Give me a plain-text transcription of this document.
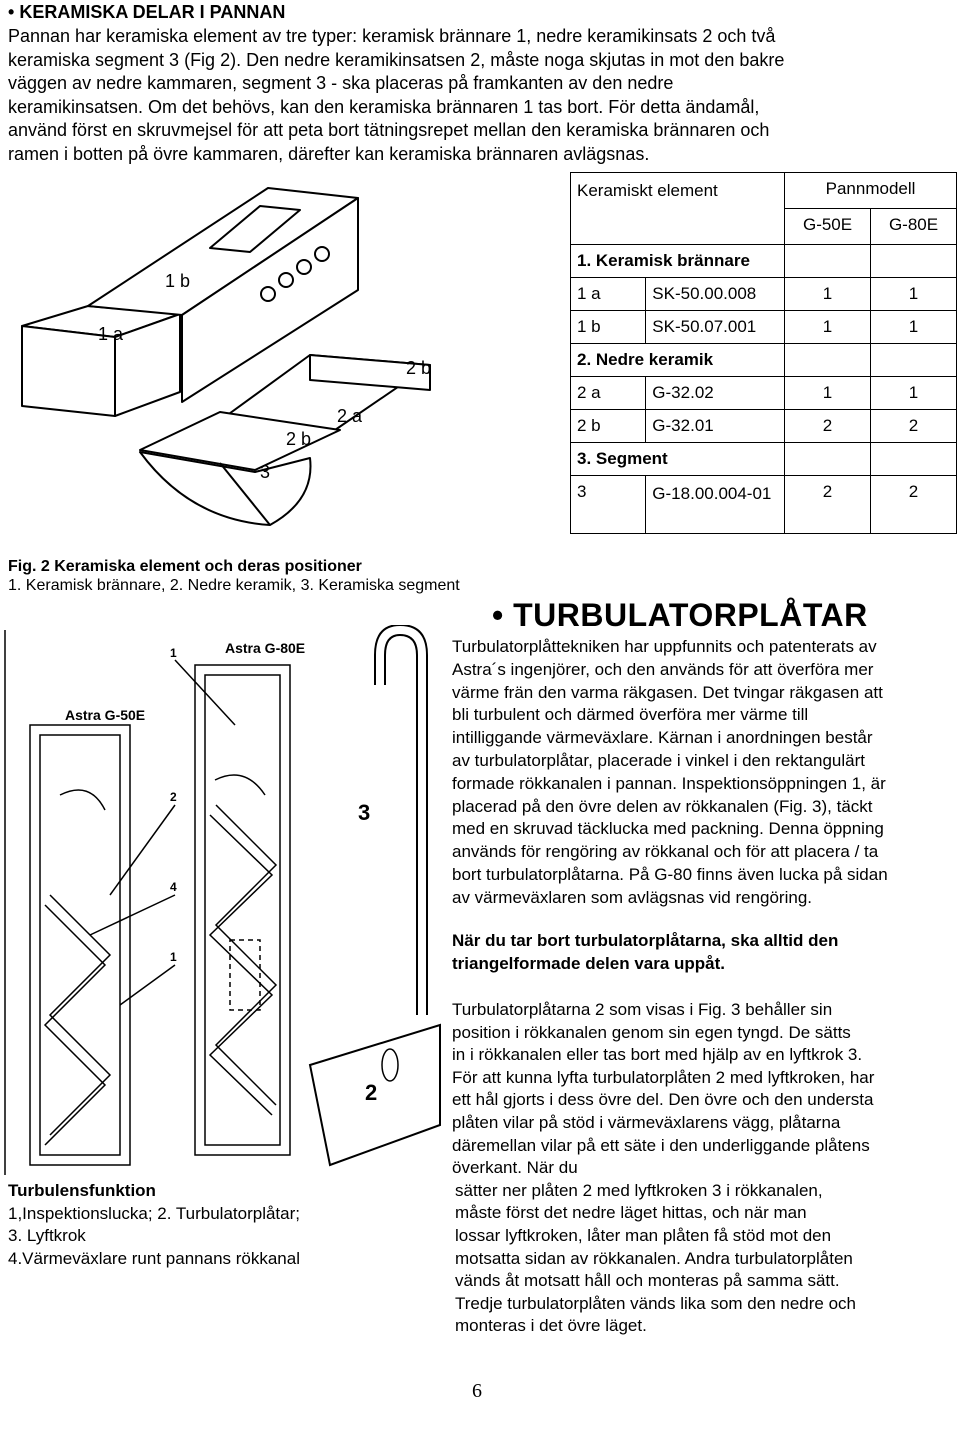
• KERAMISKA DELAR I PANNAN

Pannan har keramiska element av tre typer: keramisk brännare 1, nedre keramikinsats 2 och två

keramiska segment 3 (Fig 2). Den nedre keramikinsatsen 2, måste noga skjutas in mot den bakre

väggen av nedre kammaren, segment 3 - ska placeras på framkanten av den nedre

keramikinsatsen. Om det behövs, kan den keramiska brännaren 1 tas bort. För detta ändamål,

använd först en skruvmejsel för att peta bort tätningsrepet mellan den keramiska brännaren och

ramen i botten på övre kammaren, därefter kan keramiska brännaren avlägsnas.

1 a
1 b
2 a
2 b
2 b
3
Keramiskt element		Pannmodell	
		G-50E	G-80E
1. Keramisk brännare			
1 a	SK-50.00.008	1	1
1 b	SK-50.07.001	1	1
2. Nedre keramik			
2 a	G-32.02	1	1
2 b	G-32.01	2	2
3. Segment			
3	G-18.00.004-01	2	2
Fig. 2 Keramiska element och deras positioner
1. Keramisk brännare, 2. Nedre keramik, 3. Keramiska segment
Astra G-50E
Astra G-80E
1
2
4
1
3
2
Turbulensfunktion
1,Inspektionslucka; 2. Turbulatorplåtar;
3. Lyftkrok
4.Värmeväxlare runt pannans rökkanal
• TURBULATORPLÅTAR
Turbulatorplåttekniken har uppfunnits och patenterats av
Astra´s ingenjörer, och den används för att överföra mer
värme frän den varma räkgasen. Det tvingar räkgasen att
bli turbulent och därmed överföra mer värme till
intilliggande värmeväxlare. Kärnan i anordningen består
av turbulatorplåtar, placerade i vinkel i den rektangulärt
formade rökkanalen i pannan. Inspektionsöppningen 1, är
placerad på den övre delen av rökkanalen (Fig. 3), täckt
med en skruvad täcklucka med packning. Denna öppning
används för rengöring av rökkanal och för att placera / ta
bort turbulatorplåtarna. På G-80 finns även lucka på sidan
av värmeväxlaren som avlägsnas vid rengöring.
När du tar bort turbulatorplåtarna, ska alltid den
triangelformade delen vara uppåt.
Turbulatorplåtarna 2 som visas i Fig. 3 behåller sin
position i rökkanalen genom sin egen tyngd. De sätts
in i rökkanalen eller tas bort med hjälp av en lyftkrok 3.
För att kunna lyfta turbulatorplåten 2 med lyftkroken, har
ett hål gjorts i dess övre del. Den övre och den understa
plåten vilar på stöd i värmeväxlarens vägg, plåtarna
däremellan vilar på ett säte i den underliggande plåtens
överkant. När du
sätter ner plåten 2 med lyftkroken 3 i rökkanalen,
måste först det nedre läget hittas, och när man
lossar lyftkroken, låter man plåten få stöd mot den
motsatta sidan av rökkanalen. Andra turbulatorplåten
vänds åt motsatt håll och monteras på samma sätt.
Tredje turbulatorplåten vänds lika som den nedre och
monteras i det övre läget.
6
